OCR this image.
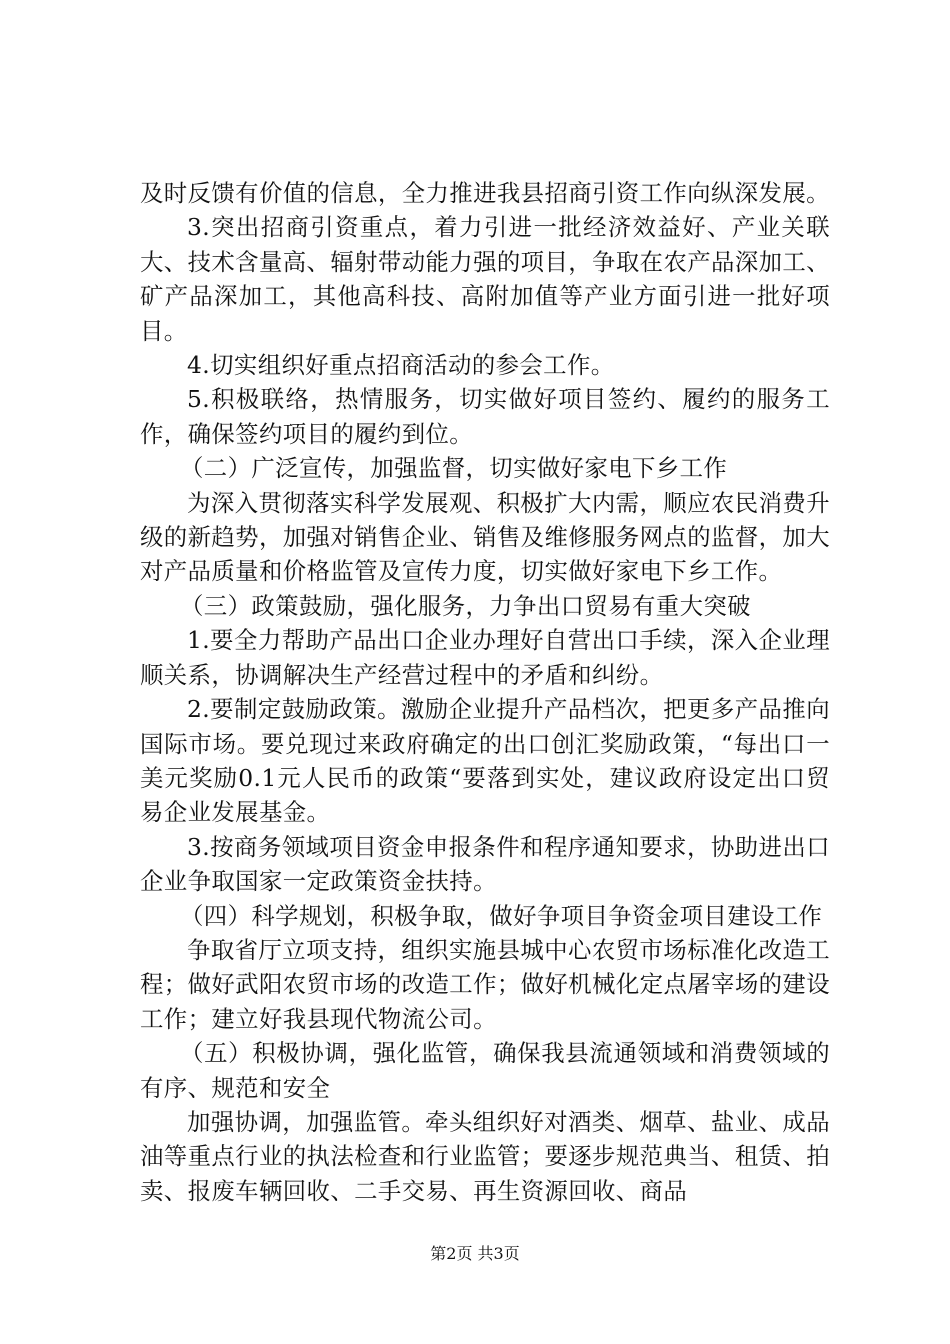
及时反馈有价值的信息，全力推进我县招商引资工作向纵深发展。

3.突出招商引资重点，着力引进一批经济效益好、产业关联大、技术含量高、辐射带动能力强的项目，争取在农产品深加工、矿产品深加工，其他高科技、高附加值等产业方面引进一批好项目。

4.切实组织好重点招商活动的参会工作。

5.积极联络，热情服务，切实做好项目签约、履约的服务工作，确保签约项目的履约到位。

（二）广泛宣传，加强监督，切实做好家电下乡工作

为深入贯彻落实科学发展观、积极扩大内需，顺应农民消费升级的新趋势，加强对销售企业、销售及维修服务网点的监督，加大对产品质量和价格监管及宣传力度，切实做好家电下乡工作。

（三）政策鼓励，强化服务，力争出口贸易有重大突破

1.要全力帮助产品出口企业办理好自营出口手续，深入企业理顺关系，协调解决生产经营过程中的矛盾和纠纷。

2.要制定鼓励政策。激励企业提升产品档次，把更多产品推向国际市场。要兑现过来政府确定的出口创汇奖励政策，“每出口一美元奖励0.1元人民币的政策“要落到实处，建议政府设定出口贸易企业发展基金。

3.按商务领域项目资金申报条件和程序通知要求，协助进出口企业争取国家一定政策资金扶持。

（四）科学规划，积极争取，做好争项目争资金项目建设工作

争取省厅立项支持，组织实施县城中心农贸市场标准化改造工程；做好武阳农贸市场的改造工作；做好机械化定点屠宰场的建设工作；建立好我县现代物流公司。

（五）积极协调，强化监管，确保我县流通领域和消费领域的有序、规范和安全

加强协调，加强监管。牵头组织好对酒类、烟草、盐业、成品油等重点行业的执法检查和行业监管；要逐步规范典当、租赁、拍卖、报废车辆回收、二手交易、再生资源回收、商品

第2页 共3页
